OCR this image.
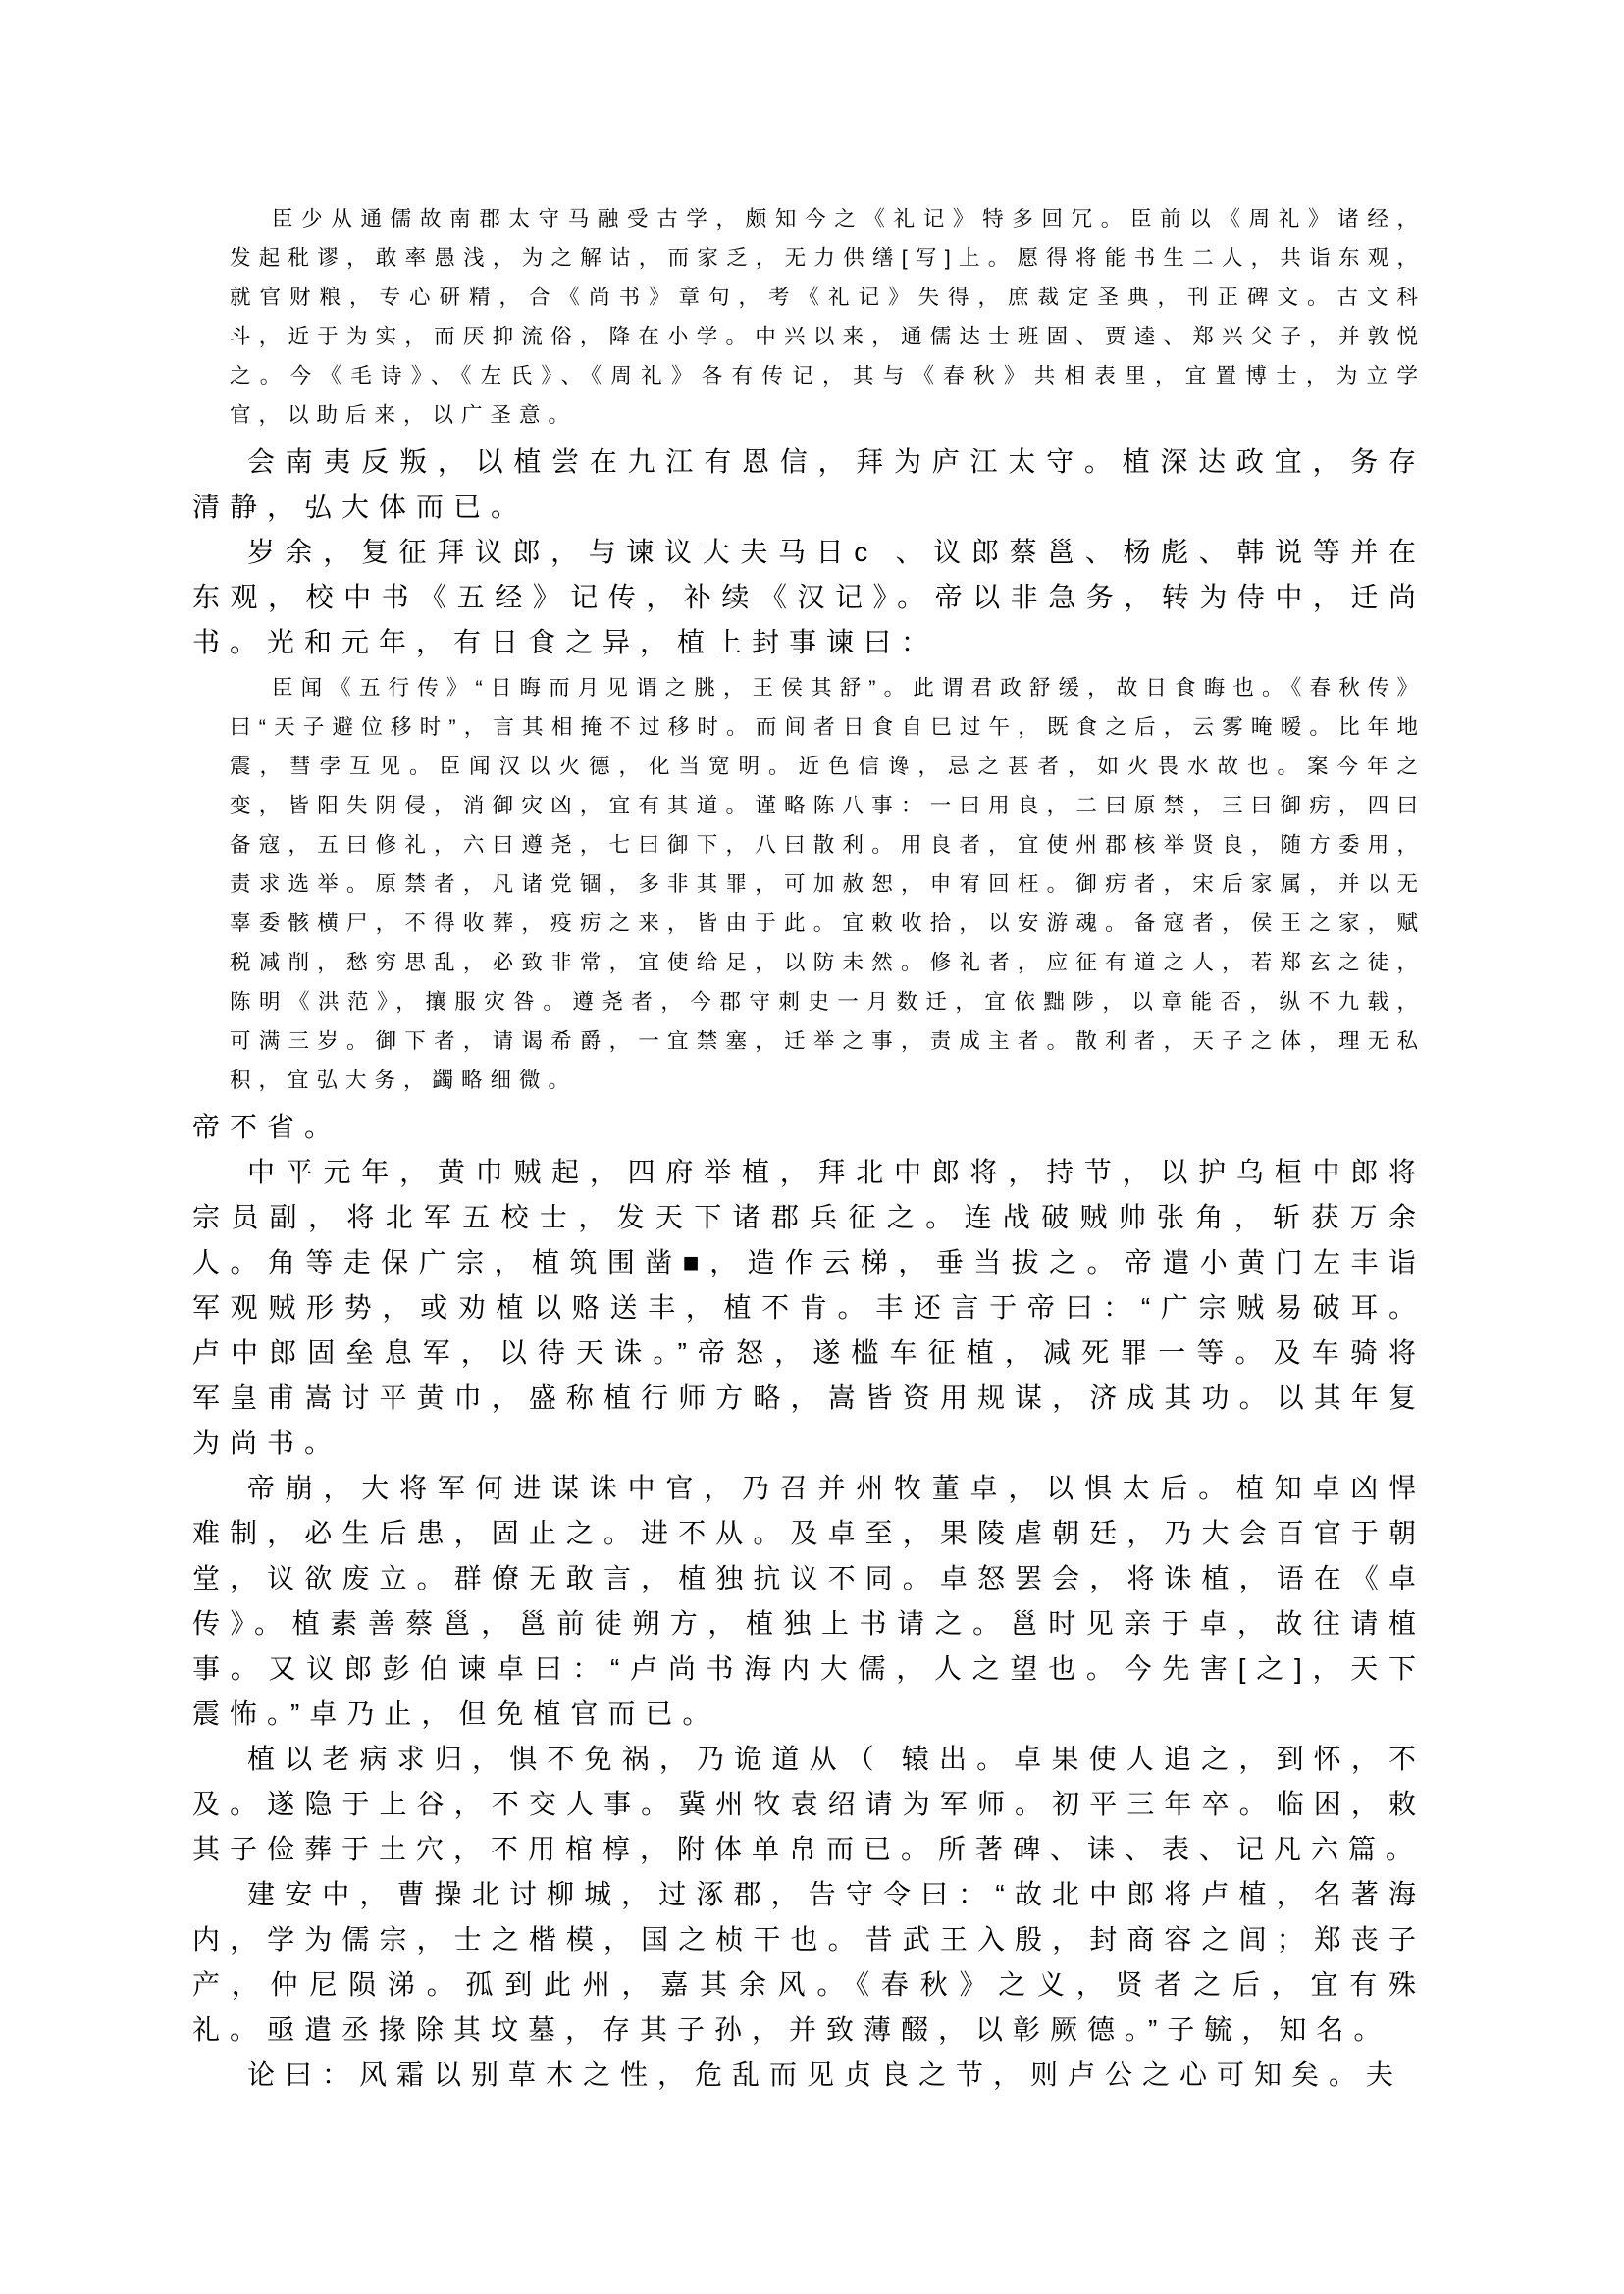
臣少从通儒故南郡太守马融受古学，颇知今之《礼记》特多回冗。臣前以《周礼》诸经，发起秕谬，敢率愚浅，为之解诂，而家乏，无力供缮[写]上。愿得将能书生二人，共诣东观，就官财粮，专心研精，合《尚书》章句，考《礼记》失得，庶裁定圣典，刊正碑文。古文科斗，近于为实，而厌抑流俗，降在小学。中兴以来，通儒达士班固、贾逵、郑兴父子，并敦悦之。今《毛诗》、《左氏》、《周礼》各有传记，其与《春秋》共相表里，宜置博士，为立学官，以助后来，以广圣意。

会南夷反叛，以植尝在九江有恩信，拜为庐江太守。植深达政宜，务存清静，弘大体而已。

岁余，复征拜议郎，与谏议大夫马日c 、议郎蔡邕、杨彪、韩说等并在东观，校中书《五经》记传，补续《汉记》。帝以非急务，转为侍中，迁尚书。光和元年，有日食之异，植上封事谏曰：

臣闻《五行传》“日晦而月见谓之朓，王侯其舒”。此谓君政舒缓，故日食晦也。《春秋传》曰“天子避位移时”，言其相掩不过移时。而间者日食自巳过午，既食之后，云雾晻暧。比年地震，彗孛互见。臣闻汉以火德，化当宽明。近色信谗，忌之甚者，如火畏水故也。案今年之变，皆阳失阴侵，消御灾凶，宜有其道。谨略陈八事：一曰用良，二曰原禁，三曰御疠，四曰备寇，五曰修礼，六曰遵尧，七曰御下，八曰散利。用良者，宜使州郡核举贤良，随方委用，责求选举。原禁者，凡诸党锢，多非其罪，可加赦恕，申宥回枉。御疠者，宋后家属，并以无辜委骸横尸，不得收葬，疫疠之来，皆由于此。宜敕收拾，以安游魂。备寇者，侯王之家，赋税减削，愁穷思乱，必致非常，宜使给足，以防未然。修礼者，应征有道之人，若郑玄之徒，陈明《洪范》，攘服灾咎。遵尧者，今郡守刺史一月数迁，宜依黜陟，以章能否，纵不九载，可满三岁。御下者，请谒希爵，一宜禁塞，迁举之事，责成主者。散利者，天子之体，理无私积，宜弘大务，蠲略细微。

帝不省。

中平元年，黄巾贼起，四府举植，拜北中郎将，持节，以护乌桓中郎将宗员副，将北军五校士，发天下诸郡兵征之。连战破贼帅张角，斩获万余人。角等走保广宗，植筑围凿■，造作云梯，垂当拔之。帝遣小黄门左丰诣军观贼形势，或劝植以赂送丰，植不肯。丰还言于帝曰：“广宗贼易破耳。卢中郎固垒息军，以待天诛。”帝怒，遂槛车征植，减死罪一等。及车骑将军皇甫嵩讨平黄巾，盛称植行师方略，嵩皆资用规谋，济成其功。以其年复为尚书。

帝崩，大将军何进谋诛中官，乃召并州牧董卓，以惧太后。植知卓凶悍难制，必生后患，固止之。进不从。及卓至，果陵虐朝廷，乃大会百官于朝堂，议欲废立。群僚无敢言，植独抗议不同。卓怒罢会，将诛植，语在《卓传》。植素善蔡邕，邕前徒朔方，植独上书请之。邕时见亲于卓，故往请植事。又议郎彭伯谏卓曰：“卢尚书海内大儒，人之望也。今先害[之]，天下震怖。”卓乃止，但免植官而已。

植以老病求归，惧不免祸，乃诡道从（ 辕出。卓果使人追之，到怀，不及。遂隐于上谷，不交人事。冀州牧袁绍请为军师。初平三年卒。临困，敕其子俭葬于土穴，不用棺椁，附体单帛而已。所著碑、诔、表、记凡六篇。

建安中，曹操北讨柳城，过涿郡，告守令曰：“故北中郎将卢植，名著海内，学为儒宗，士之楷模，国之桢干也。昔武王入殷，封商容之闾；郑丧子产，仲尼陨涕。孤到此州，嘉其余风。《春秋》之义，贤者之后，宜有殊礼。亟遣丞掾除其坟墓，存其子孙，并致薄醊，以彰厥德。”子毓，知名。

论曰：风霜以别草木之性，危乱而见贞良之节，则卢公之心可知矣。夫
